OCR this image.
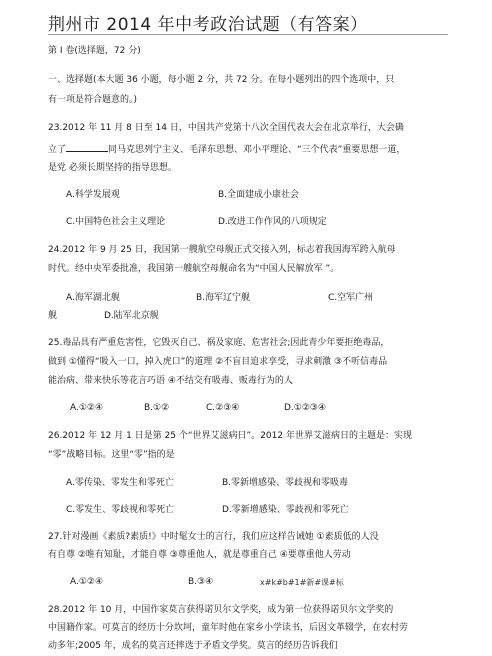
荆州市 2014 年中考政治试题（有答案）
第 I 卷(选择题，72 分)
一、选择题(本大题 36 小题，每小题 2 分，共 72 分。在每小题列出的四个选项中，只
有一项是符合题意的。)
23.2012 年 11 月 8 日至 14 日，中国共产党第十八次全国代表大会在北京举行，大会确
立了	同马克思列宁主义、毛泽东思想、邓小平理论、“三个代表”重要思想一道，
是党 必须长期坚持的指导思想。
A.科学发展观	B.全面建成小康社会
C.中国特色社会主义理论	D.改进工作作风的八项规定
24.2012 年 9 月 25 日，我国第一艘航空母舰正式交接入列，标志着我国海军跨入航母
时代。经中央军委批准，我国第一艘航空母舰命名为“中国人民解放军 ”。
A.海军湖北舰	B.海军辽宁舰	C.空军广州
舰	D.陆军北京舰
25.毒品具有严重危害性，它毁灭自己、祸及家庭、危害社会;因此青少年要拒绝毒品，
做到 ①懂得“吸入一口，掉入虎口”的道理 ②不盲目追求享受，寻求刺激 ③不听信毒品
能治病、带来快乐等花言巧语 ④不结交有吸毒、贩毒行为的人
A.①②④	B.①②	C.②③④	D.①②③④
26.2012 年 12 月 1 日是第 25 个“世界艾滋病日”。2012 年世界艾滋病日的主题是：实现
“零”战略目标。这里“零”指的是
A.零传染、零发生和零死亡	B.零新增感染、零歧视和零吸毒
C.零发生、零歧视和零死亡	D.零新增感染、零歧视和零死亡
27.针对漫画《素质?素质!》中时髦女士的言行，我们应这样告诫她 ①素质低的人没
有自尊 ②唯有知耻，才能自尊 ③尊重他人，就是尊重自己 ④要尊重他人劳动
A.①②④	B.③④	x#k#b#1#新#课#标
28.2012 年 10 月，中国作家莫言获得诺贝尔文学奖，成为第一位获得诺贝尔文学奖的
中国籍作家。可莫言的经历十分坎坷，童年时他在家乡小学读书，后因文革辍学，在农村劳
动多年;2005 年，成名的莫言还摔选于矛盾文学奖。莫言的经历告诉我们
